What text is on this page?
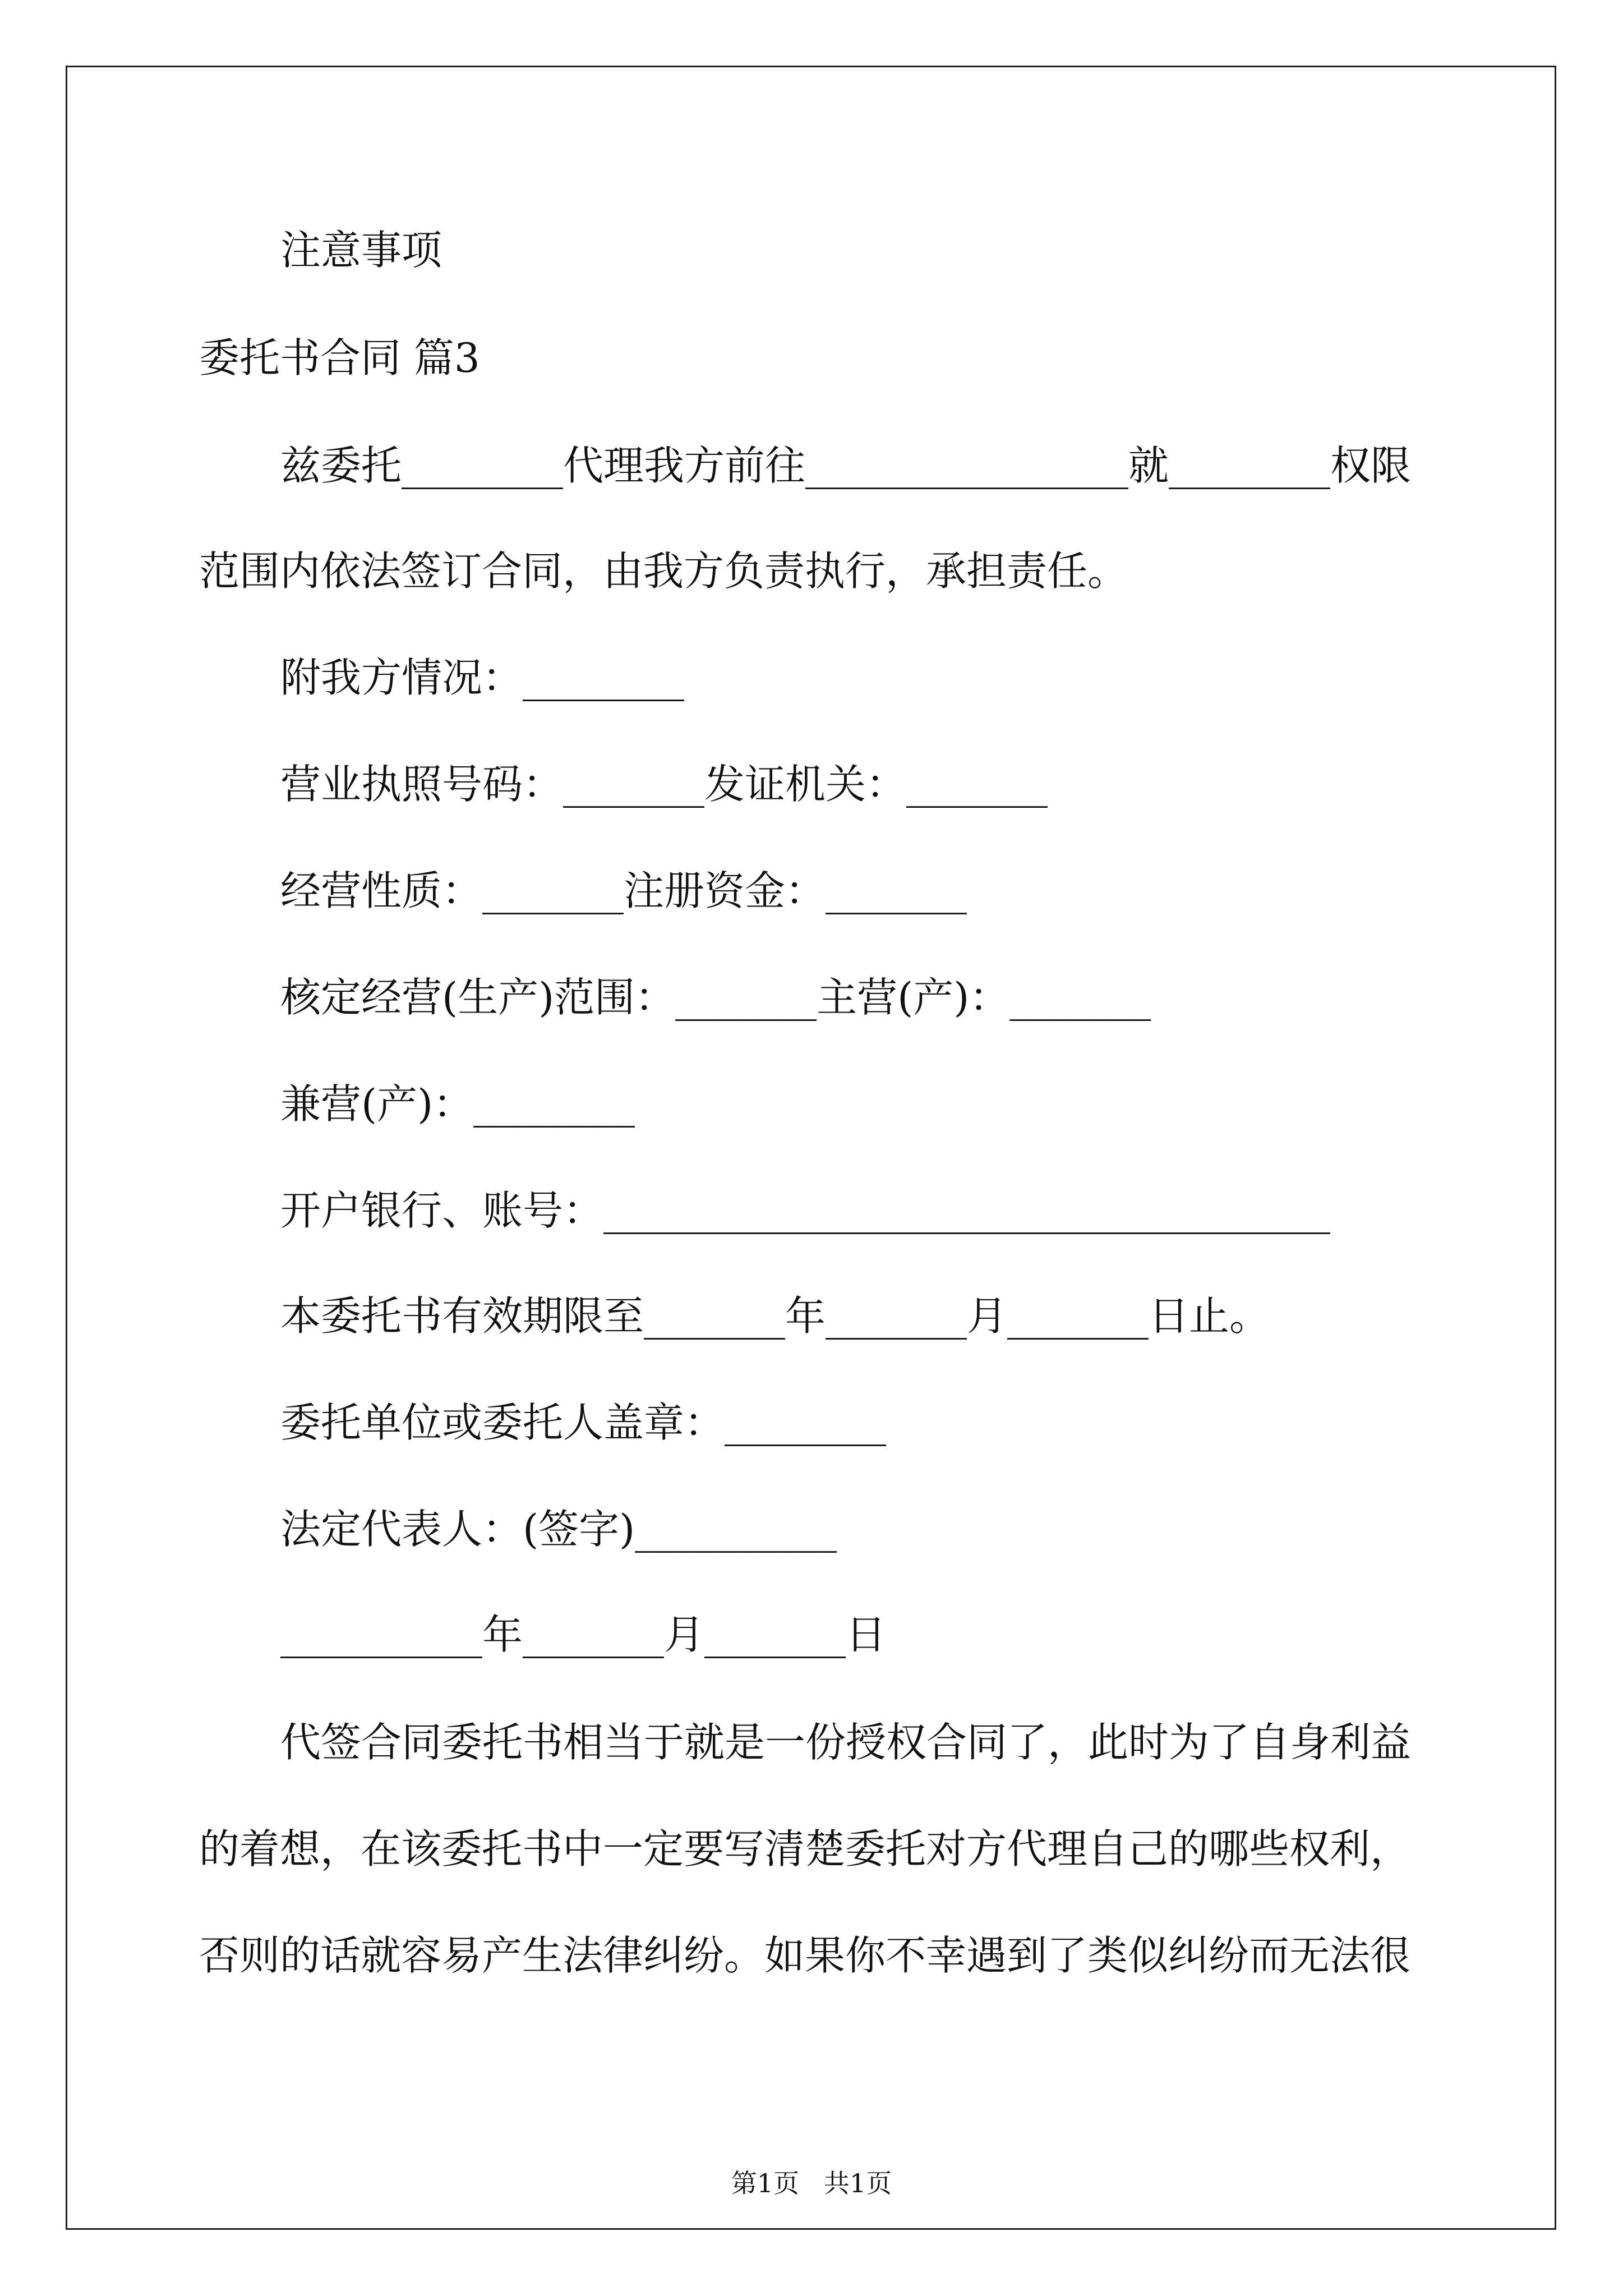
注意事项
委托书合同 篇3
兹委托________代理我方前往________________就________权限
范围内依法签订合同，由我方负责执行，承担责任。
附我方情况：________
营业执照号码：_______发证机关：_______
经营性质：_______注册资金：_______
核定经营(生产)范围：_______主营(产)：_______
兼营(产)：________
开户银行、账号：____________________________________
本委托书有效期限至_______年_______月_______日止。
委托单位或委托人盖章：________
法定代表人：(签字)__________
__________年_______月_______日
代签合同委托书相当于就是一份授权合同了，此时为了自身利益
的着想，在该委托书中一定要写清楚委托对方代理自己的哪些权利，
否则的话就容易产生法律纠纷。如果你不幸遇到了类似纠纷而无法很
第1页   共1页
